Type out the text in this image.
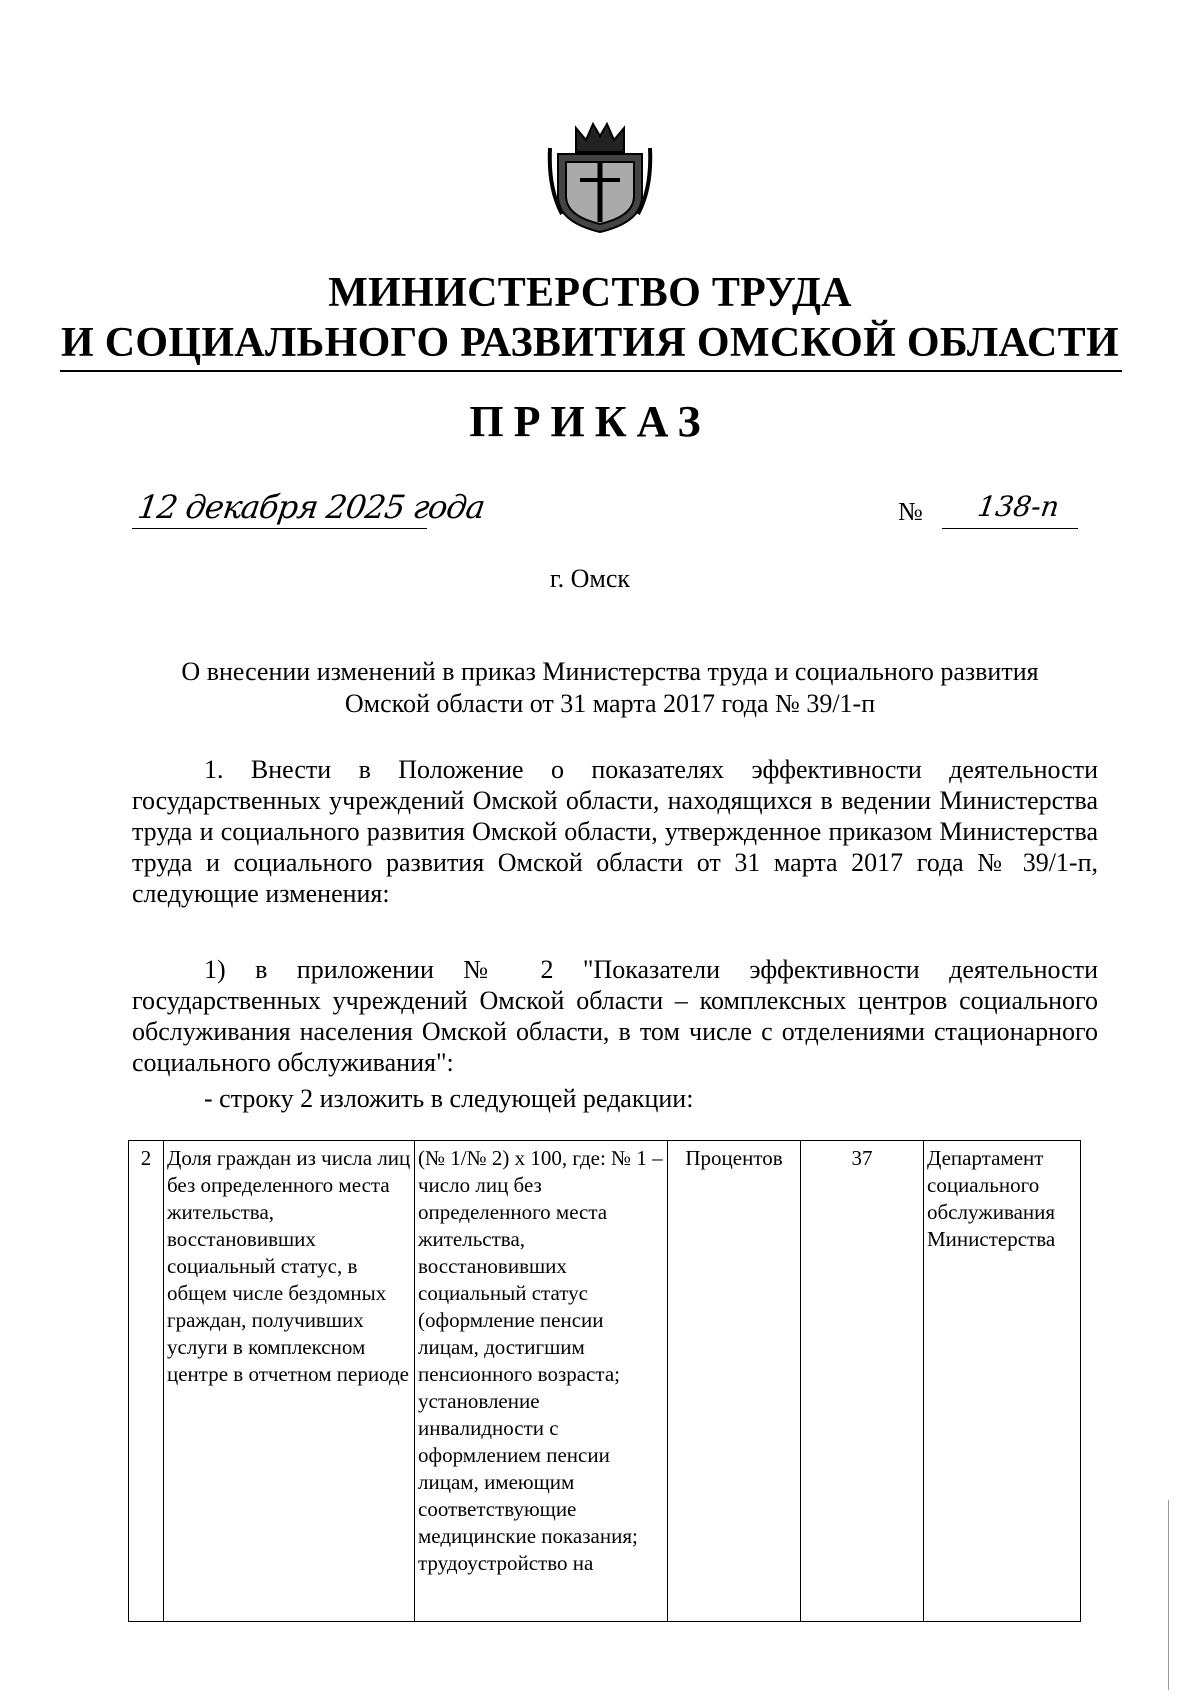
МИНИСТЕРСТВО ТРУДА
И СОЦИАЛЬНОГО РАЗВИТИЯ ОМСКОЙ ОБЛАСТИ
ПРИКАЗ
12 декабря 2025 года	№ 138-п
г. Омск
О внесении изменений в приказ Министерства труда и социального развития
Омской области от 31 марта 2017 года № 39/1-п
1. Внести в Положение о показателях эффективности деятельности государственных учреждений Омской области, находящихся в ведении Министерства труда и социального развития Омской области, утвержденное приказом Министерства труда и социального развития Омской области от 31 марта 2017 года № 39/1-п, следующие изменения:
1) в приложении № 2 "Показатели эффективности деятельности государственных учреждений Омской области – комплексных центров социального обслуживания населения Омской области, в том числе с отделениями стационарного социального обслуживания":
- строку 2 изложить в следующей редакции:
2	Доля граждан из числа лиц без определенного места жительства, восстановивших социальный статус, в общем числе бездомных граждан, получивших услуги в комплексном центре в отчетном периоде	(№ 1/№ 2) х 100, где: № 1 – число лиц без определенного места жительства, восстановивших социальный статус (оформление пенсии лицам, достигшим пенсионного возраста; установление инвалидности с оформлением пенсии лицам, имеющим соответствующие медицинские показания; трудоустройство на	Процентов	37	Департамент социального обслуживания Министерства
